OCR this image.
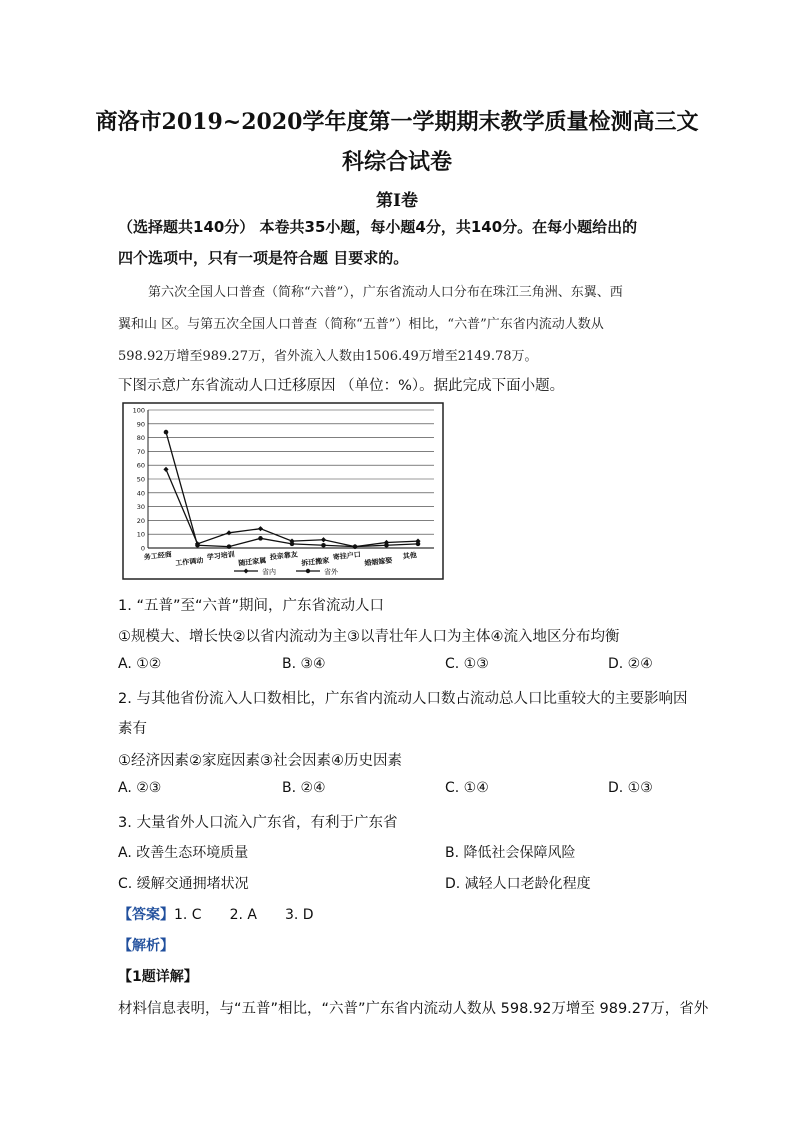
商洛市2019~2020学年度第一学期期末教学质量检测高三文
科综合试卷
第Ⅰ卷
（选择题共140分） 本卷共35小题，每小题4分，共140分。在每小题给出的
四个选项中，只有一项是符合题 目要求的。
第六次全国人口普查（简称“六普”），广东省流动人口分布在珠江三角洲、东翼、西
翼和山 区。与第五次全国人口普查（简称“五普”）相比，“六普”广东省内流动人数从
598.92万增至989.27万，省外流入人数由1506.49万增至2149.78万。
下图示意广东省流动人口迁移原因 （单位：%）。据此完成下面小题。
0
10
20
30
40
50
60
70
80
90
100
务工经商
工作调动
学习培训
随迁家属
投亲靠友
拆迁搬家
寄挂户口
婚姻嫁娶
其他
省内	省外
1. “五普”至“六普”期间，广东省流动人口
①规模大、增长快②以省内流动为主③以青壮年人口为主体④流入地区分布均衡
A. ①②	B. ③④	C. ①③	D. ②④
2. 与其他省份流入人口数相比，广东省内流动人口数占流动总人口比重较大的主要影响因
素有
①经济因素②家庭因素③社会因素④历史因素
A. ②③	B. ②④	C. ①④	D. ①③
3. 大量省外人口流入广东省，有利于广东省
A. 改善生态环境质量	B. 降低社会保障风险
C. 缓解交通拥堵状况	D. 减轻人口老龄化程度
【答案】1. C　　2. A　　3. D
【解析】
【1题详解】
材料信息表明，与“五普”相比，“六普”广东省内流动人数从 598.92万增至 989.27万，省外
